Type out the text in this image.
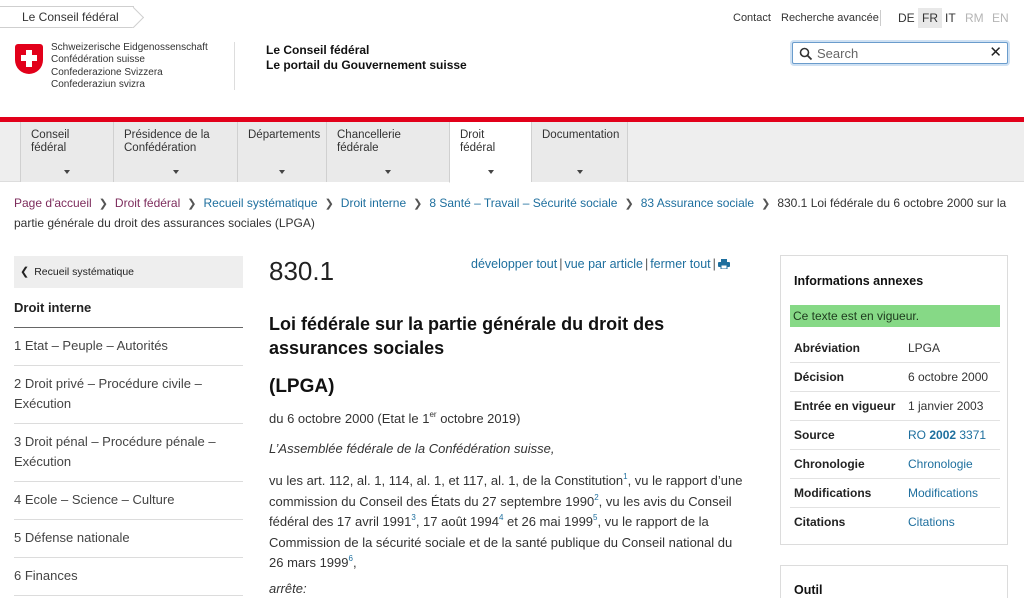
Le Conseil fédéral	Contact Recherche avancée	DE FR IT RM EN
Schweizerische Eidgenossenschaft
Confédération suisse
Confederazione Svizzera
Confederaziun svizra
Le Conseil fédéral
Le portail du Gouvernement suisse
Search
✕
Conseil fédéral
Présidence de la Confédération
Départements	Chancellerie fédérale
Droit fédéral
Documentation
Page d'accueil ❯ Droit fédéral ❯ Recueil systématique ❯ Droit interne ❯ 8 Santé – Travail – Sécurité sociale ❯ 83 Assurance sociale ❯ 830.1 Loi fédérale du 6 octobre 2000 sur la partie générale du droit des assurances sociales (LPGA)
❮ Recueil systématique
Droit interne
1 Etat – Peuple – Autorités
2 Droit privé – Procédure civile – Exécution
3 Droit pénal – Procédure pénale – Exécution
4 Ecole – Science – Culture
5 Défense nationale
6 Finances
830.1	développer tout | vue par article | fermer tout |
Loi fédérale sur la partie générale du droit des assurances sociales
(LPGA)
du 6 octobre 2000 (Etat le 1er octobre 2019)
L’Assemblée fédérale de la Confédération suisse,

vu les art. 112, al. 1, 114, al. 1, et 117, al. 1, de la Constitution$^1$, vu le rapport d’une commission du Conseil des États du 27 septembre 1990$^2$, vu les avis du Conseil fédéral des 17 avril 1991$^3$, 17 août 1994$^4$ et 26 mai 1999$^5$, vu le rapport de la Commission de la sécurité sociale et de la santé publique du Conseil national du 26 mars 1999$^6$,

arrête:
Informations annexes
Ce texte est en vigueur.
Abréviation	LPGA
Décision	6 octobre 2000
Entrée en vigueur 1 janvier 2003
Source	RO 2002 3371
Chronologie	Chronologie
Modifications	Modifications
Citations	Citations
Outil
